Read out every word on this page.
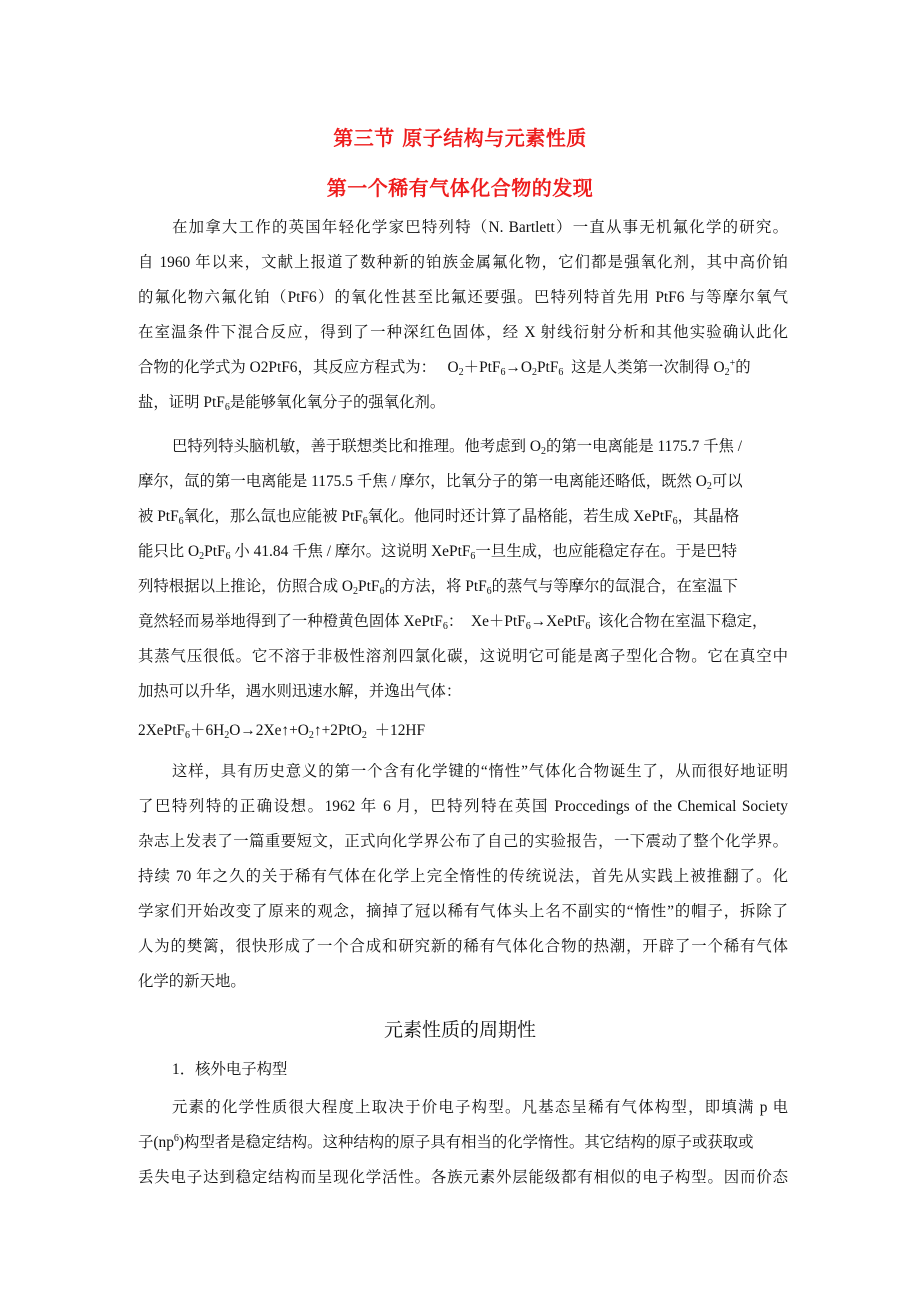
第三节 原子结构与元素性质
第一个稀有气体化合物的发现
在加拿大工作的英国年轻化学家巴特列特（N. Bartlett）一直从事无机氟化学的研究。
自 1960 年以来，文献上报道了数种新的铂族金属氟化物，它们都是强氧化剂，其中高价铂
的氟化物六氟化铂（PtF6）的氧化性甚至比氟还要强。巴特列特首先用 PtF6 与等摩尔氧气
在室温条件下混合反应，得到了一种深红色固体，经 X 射线衍射分析和其他实验确认此化
合物的化学式为 O2PtF6，其反应方程式为： $O_2+PtF_6\to O_2PtF_6$ 这是人类第一次制得 $O_2^+$的
盐，证明 PtF$_6$是能够氧化氧分子的强氧化剂。
巴特列特头脑机敏，善于联想类比和推理。他考虑到 $O_2$的第一电离能是 1175.7 千焦 /
摩尔，氙的第一电离能是 1175.5 千焦 / 摩尔，比氧分子的第一电离能还略低，既然 $O_2$可以
被 PtF$_6$氧化，那么氙也应能被 PtF$_6$氧化。他同时还计算了晶格能，若生成 XePtF$_6$，其晶格
能只比 $O_2PtF_6$ 小 41.84 千焦 / 摩尔。这说明 XePtF$_6$一旦生成，也应能稳定存在。于是巴特
列特根据以上推论，仿照合成 $O_2PtF_6$的方法，将 PtF$_6$的蒸气与等摩尔的氙混合，在室温下
竟然轻而易举地得到了一种橙黄色固体 XePtF$_6$： Xe＋PtF$_6$→XePtF$_6$ 该化合物在室温下稳定，
其蒸气压很低。它不溶于非极性溶剂四氯化碳，这说明它可能是离子型化合物。它在真空中
加热可以升华，遇水则迅速水解，并逸出气体：
$2XePtF_6+6H_2O\to 2Xe↑+O_2↑+2PtO_2 +12HF$
这样，具有历史意义的第一个含有化学键的“惰性”气体化合物诞生了，从而很好地证明
了巴特列特的正确设想。1962 年 6 月，巴特列特在英国 Proccedings of the Chemical Society
杂志上发表了一篇重要短文，正式向化学界公布了自己的实验报告，一下震动了整个化学界。
持续 70 年之久的关于稀有气体在化学上完全惰性的传统说法，首先从实践上被推翻了。化
学家们开始改变了原来的观念，摘掉了冠以稀有气体头上名不副实的“惰性”的帽子，拆除了
人为的樊篱，很快形成了一个合成和研究新的稀有气体化合物的热潮，开辟了一个稀有气体
化学的新天地。
元素性质的周期性
1．核外电子构型
元素的化学性质很大程度上取决于价电子构型。凡基态呈稀有气体构型，即填满 p 电
子$(np^6)$构型者是稳定结构。这种结构的原子具有相当的化学惰性。其它结构的原子或获取或
丢失电子达到稳定结构而呈现化学活性。各族元素外层能级都有相似的电子构型。因而价态
